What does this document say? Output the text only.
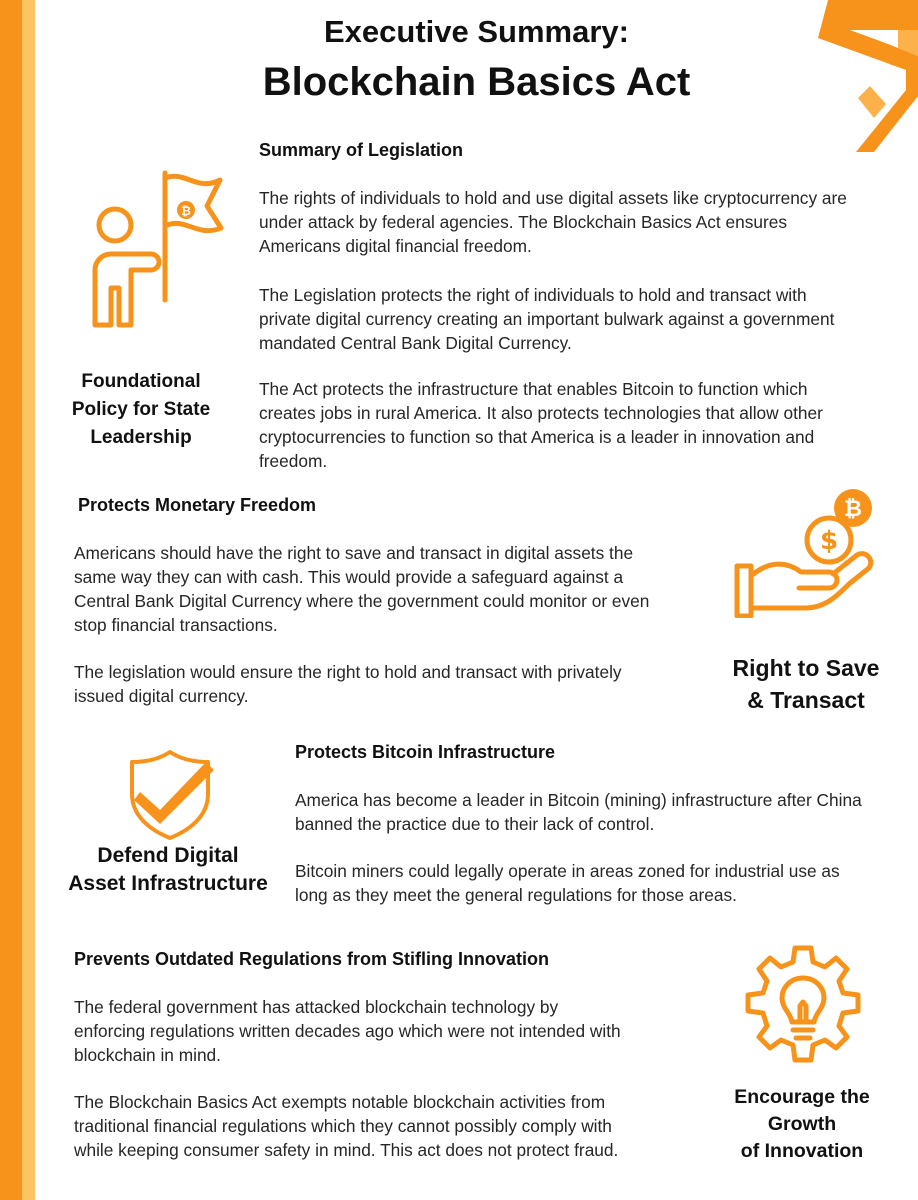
Executive Summary:
Blockchain Basics Act
₿
Foundational
Policy for State
Leadership
Summary of Legislation
The rights of individuals to hold and use digital assets like cryptocurrency are
under attack by federal agencies. The Blockchain Basics Act ensures
Americans digital financial freedom.
The Legislation protects the right of individuals to hold and transact with
private digital currency creating an important bulwark against a government
mandated Central Bank Digital Currency.
The Act protects the infrastructure that enables Bitcoin to function which
creates jobs in rural America. It also protects technologies that allow other
cryptocurrencies to function so that America is a leader in innovation and
freedom.
Protects Monetary Freedom
Americans should have the right to save and transact in digital assets the
same way they can with cash. This would provide a safeguard against a
Central Bank Digital Currency where the government could monitor or even
stop financial transactions.
The legislation would ensure the right to hold and transact with privately
issued digital currency.
$
₿
Right to Save
& Transact
Defend Digital
Asset Infrastructure
Protects Bitcoin Infrastructure
America has become a leader in Bitcoin (mining) infrastructure after China
banned the practice due to their lack of control.
Bitcoin miners could legally operate in areas zoned for industrial use as
long as they meet the general regulations for those areas.
Prevents Outdated Regulations from Stifling Innovation
The federal government has attacked blockchain technology by
enforcing regulations written decades ago which were not intended with
blockchain in mind.
The Blockchain Basics Act exempts notable blockchain activities from
traditional financial regulations which they cannot possibly comply with
while keeping consumer safety in mind. This act does not protect fraud.
Encourage the
Growth
of Innovation
